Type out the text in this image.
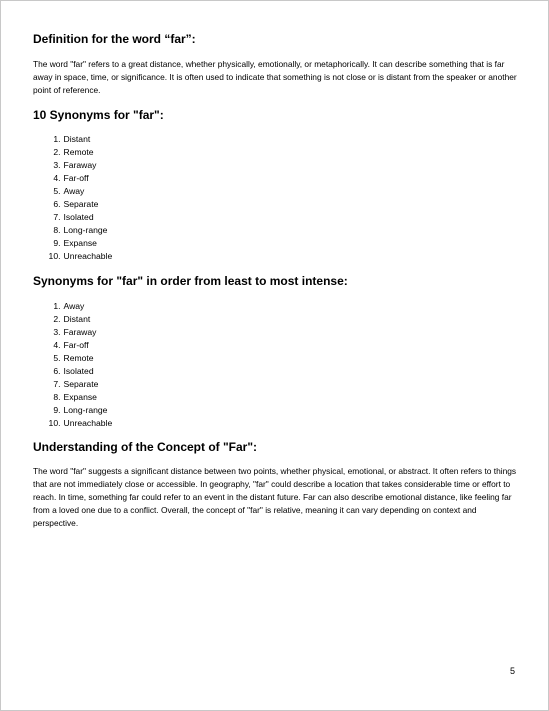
Definition for the word “far”:

The word "far" refers to a great distance, whether physically, emotionally, or metaphorically. It can describe something that is far away in space, time, or significance. It is often used to indicate that something is not close or is distant from the speaker or another point of reference.

10 Synonyms for "far":
1. Distant
2. Remote
3. Faraway
4. Far-off
5. Away
6. Separate
7. Isolated
8. Long-range
9. Expanse
10. Unreachable
Synonyms for "far" in order from least to most intense:
1. Away
2. Distant
3. Faraway
4. Far-off
5. Remote
6. Isolated
7. Separate
8. Expanse
9. Long-range
10. Unreachable
Understanding of the Concept of "Far":

The word "far" suggests a significant distance between two points, whether physical, emotional, or abstract. It often refers to things that are not immediately close or accessible. In geography, "far" could describe a location that takes considerable time or effort to reach. In time, something far could refer to an event in the distant future. Far can also describe emotional distance, like feeling far from a loved one due to a conflict. Overall, the concept of "far" is relative, meaning it can vary depending on context and perspective.

5
